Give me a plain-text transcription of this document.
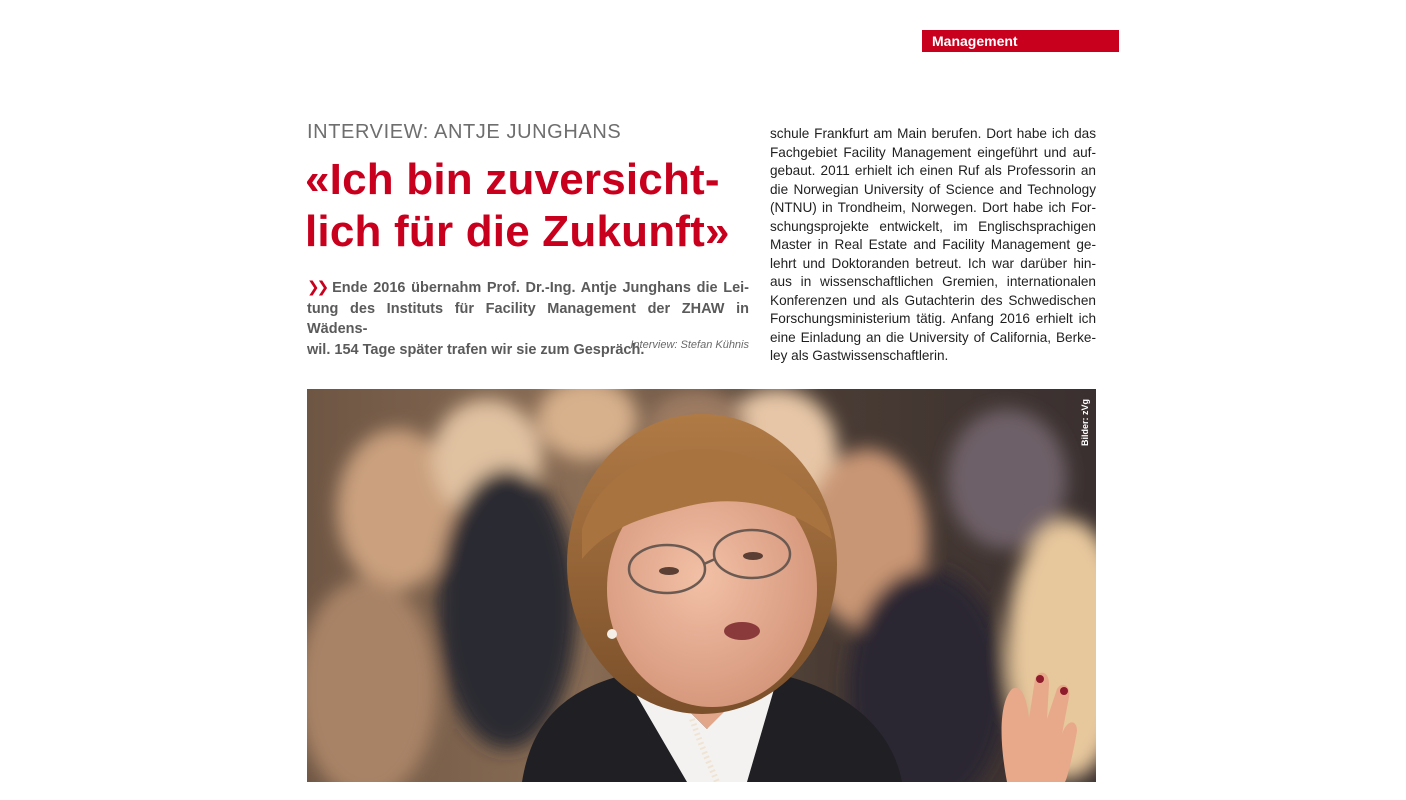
Management
INTERVIEW: ANTJE JUNGHANS
«Ich bin zuversicht-
lich für die Zukunft»
❯❯ Ende 2016 übernahm Prof. Dr.-Ing. Antje Junghans die Lei-
tung des Instituts für Facility Management der ZHAW in Wädens-
wil. 154 Tage später trafen wir sie zum Gespräch.
Interview: Stefan Kühnis
schule Frankfurt am Main berufen. Dort habe ich das
Fachgebiet Facility Management eingeführt und auf-
gebaut. 2011 erhielt ich einen Ruf als Professorin an
die Norwegian University of Science and Technology
(NTNU) in Trondheim, Norwegen. Dort habe ich For-
schungsprojekte entwickelt, im Englischsprachigen
Master in Real Estate and Facility Management ge-
lehrt und Doktoranden betreut. Ich war darüber hin-
aus in wissenschaftlichen Gremien, internationalen
Konferenzen und als Gutachterin des Schwedischen
Forschungsministerium tätig. Anfang 2016 erhielt ich
eine Einladung an die University of California, Berke-
ley als Gastwissenschaftlerin.
Bilder: zVg
